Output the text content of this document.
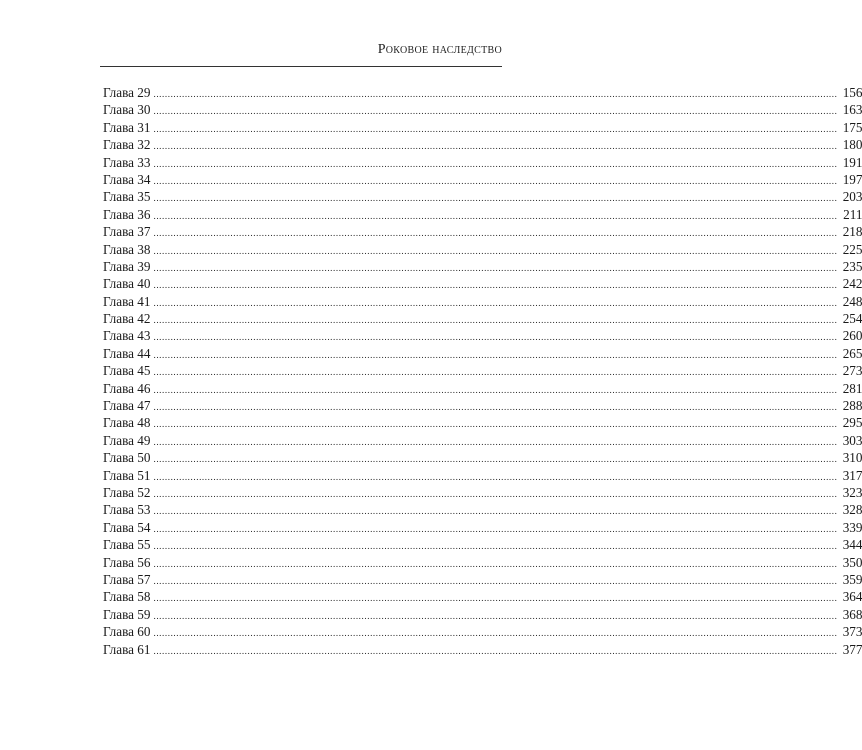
Роковое наследство
Глава 29 ................................................................................................................................................................................................................................................ 156
Глава 30 ................................................................................................................................................................................................................................................ 163
Глава 31 ................................................................................................................................................................................................................................................ 175
Глава 32 ................................................................................................................................................................................................................................................ 180
Глава 33 ................................................................................................................................................................................................................................................ 191
Глава 34 ................................................................................................................................................................................................................................................ 197
Глава 35 ................................................................................................................................................................................................................................................ 203
Глава 36 ................................................................................................................................................................................................................................................ 211
Глава 37 ................................................................................................................................................................................................................................................ 218
Глава 38 ................................................................................................................................................................................................................................................ 225
Глава 39 ................................................................................................................................................................................................................................................ 235
Глава 40 ................................................................................................................................................................................................................................................ 242
Глава 41 ................................................................................................................................................................................................................................................ 248
Глава 42 ................................................................................................................................................................................................................................................ 254
Глава 43 ................................................................................................................................................................................................................................................ 260
Глава 44 ................................................................................................................................................................................................................................................ 265
Глава 45 ................................................................................................................................................................................................................................................ 273
Глава 46 ................................................................................................................................................................................................................................................ 281
Глава 47 ................................................................................................................................................................................................................................................ 288
Глава 48 ................................................................................................................................................................................................................................................ 295
Глава 49 ................................................................................................................................................................................................................................................ 303
Глава 50 ................................................................................................................................................................................................................................................ 310
Глава 51 ................................................................................................................................................................................................................................................ 317
Глава 52 ................................................................................................................................................................................................................................................ 323
Глава 53 ................................................................................................................................................................................................................................................ 328
Глава 54 ................................................................................................................................................................................................................................................ 339
Глава 55 ................................................................................................................................................................................................................................................ 344
Глава 56 ................................................................................................................................................................................................................................................ 350
Глава 57 ................................................................................................................................................................................................................................................ 359
Глава 58 ................................................................................................................................................................................................................................................ 364
Глава 59 ................................................................................................................................................................................................................................................ 368
Глава 60 ................................................................................................................................................................................................................................................ 373
Глава 61 ................................................................................................................................................................................................................................................ 377
